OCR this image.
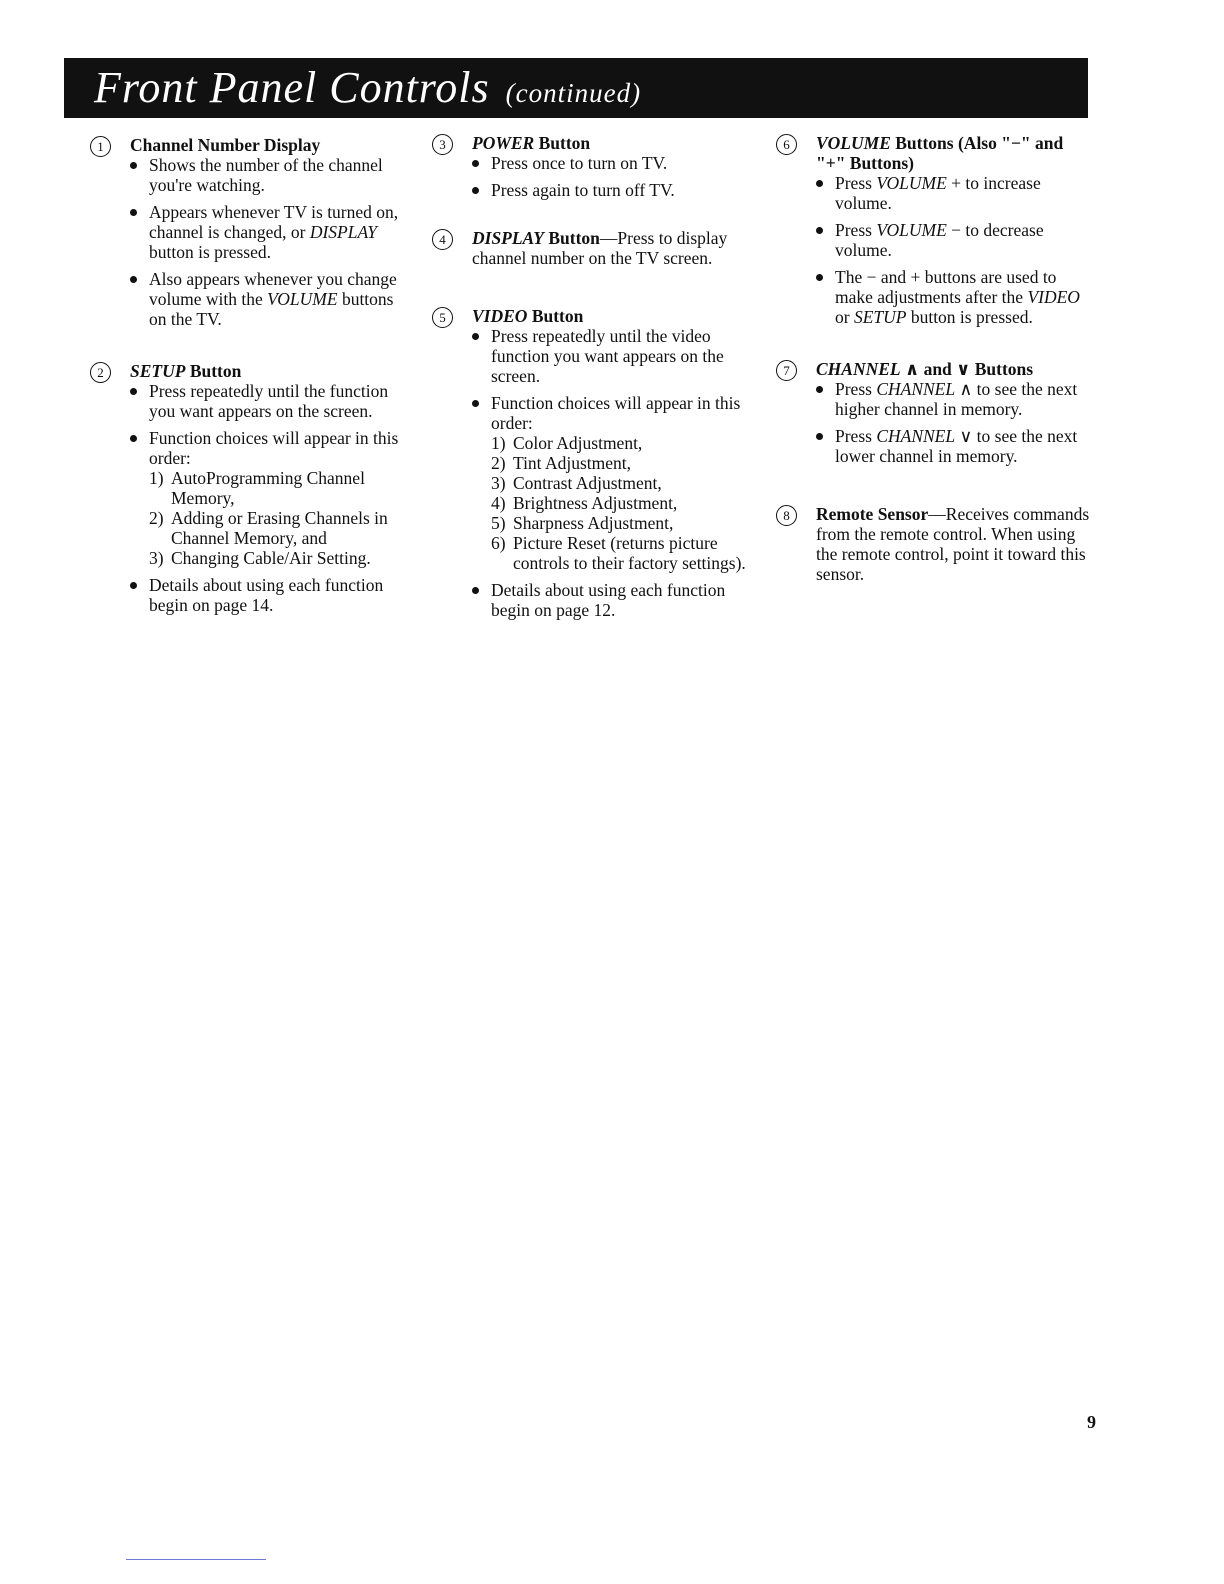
Front Panel Controls (continued)
1	Channel Number Display
Shows the number of the channel you're watching.
Appears whenever TV is turned on, channel is changed, or DISPLAY button is pressed.
Also appears whenever you change volume with the VOLUME buttons on the TV.
2	SETUP Button
Press repeatedly until the function you want appears on the screen.
Function choices will appear in this order:
1) AutoProgramming Channel Memory,
2) Adding or Erasing Channels in Channel Memory, and
3) Changing Cable/Air Setting.
Details about using each function begin on page 14.
3	POWER Button
Press once to turn on TV.
Press again to turn off TV.
4	DISPLAY Button—Press to display channel number on the TV screen.
5	VIDEO Button
Press repeatedly until the video function you want appears on the screen.
Function choices will appear in this order:
1) Color Adjustment,
2) Tint Adjustment,
3) Contrast Adjustment,
4) Brightness Adjustment,
5) Sharpness Adjustment,
6) Picture Reset (returns picture controls to their factory settings).
Details about using each function begin on page 12.
6	VOLUME Buttons (Also "−" and "+" Buttons)
Press VOLUME + to increase volume.
Press VOLUME − to decrease volume.
The − and + buttons are used to make adjustments after the VIDEO or SETUP button is pressed.
7	CHANNEL ∧ and ∨ Buttons
Press CHANNEL ∧ to see the next higher channel in memory.
Press CHANNEL ∨ to see the next lower channel in memory.
8	Remote Sensor—Receives commands from the remote control. When using the remote control, point it toward this sensor.
9
